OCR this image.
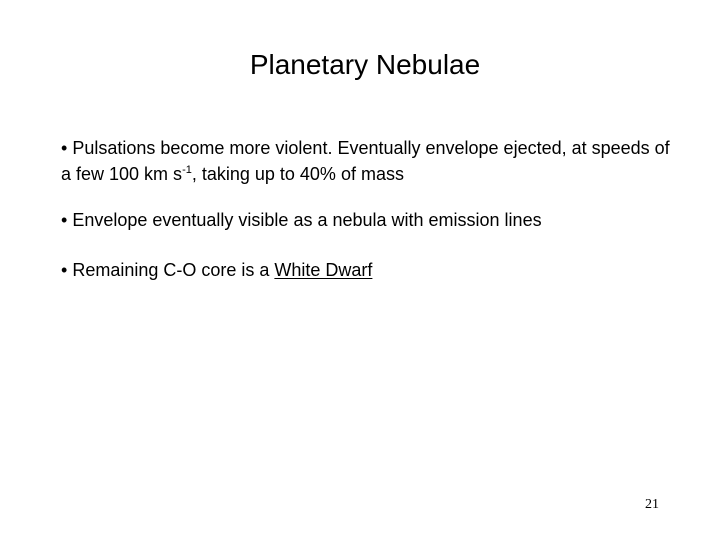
Planetary Nebulae
• Pulsations become more violent. Eventually envelope ejected, at speeds of a few 100 km $s^{-1}$, taking up to 40% of mass
• Envelope eventually visible as a nebula with emission lines
• Remaining C-O core is a White Dwarf
21
